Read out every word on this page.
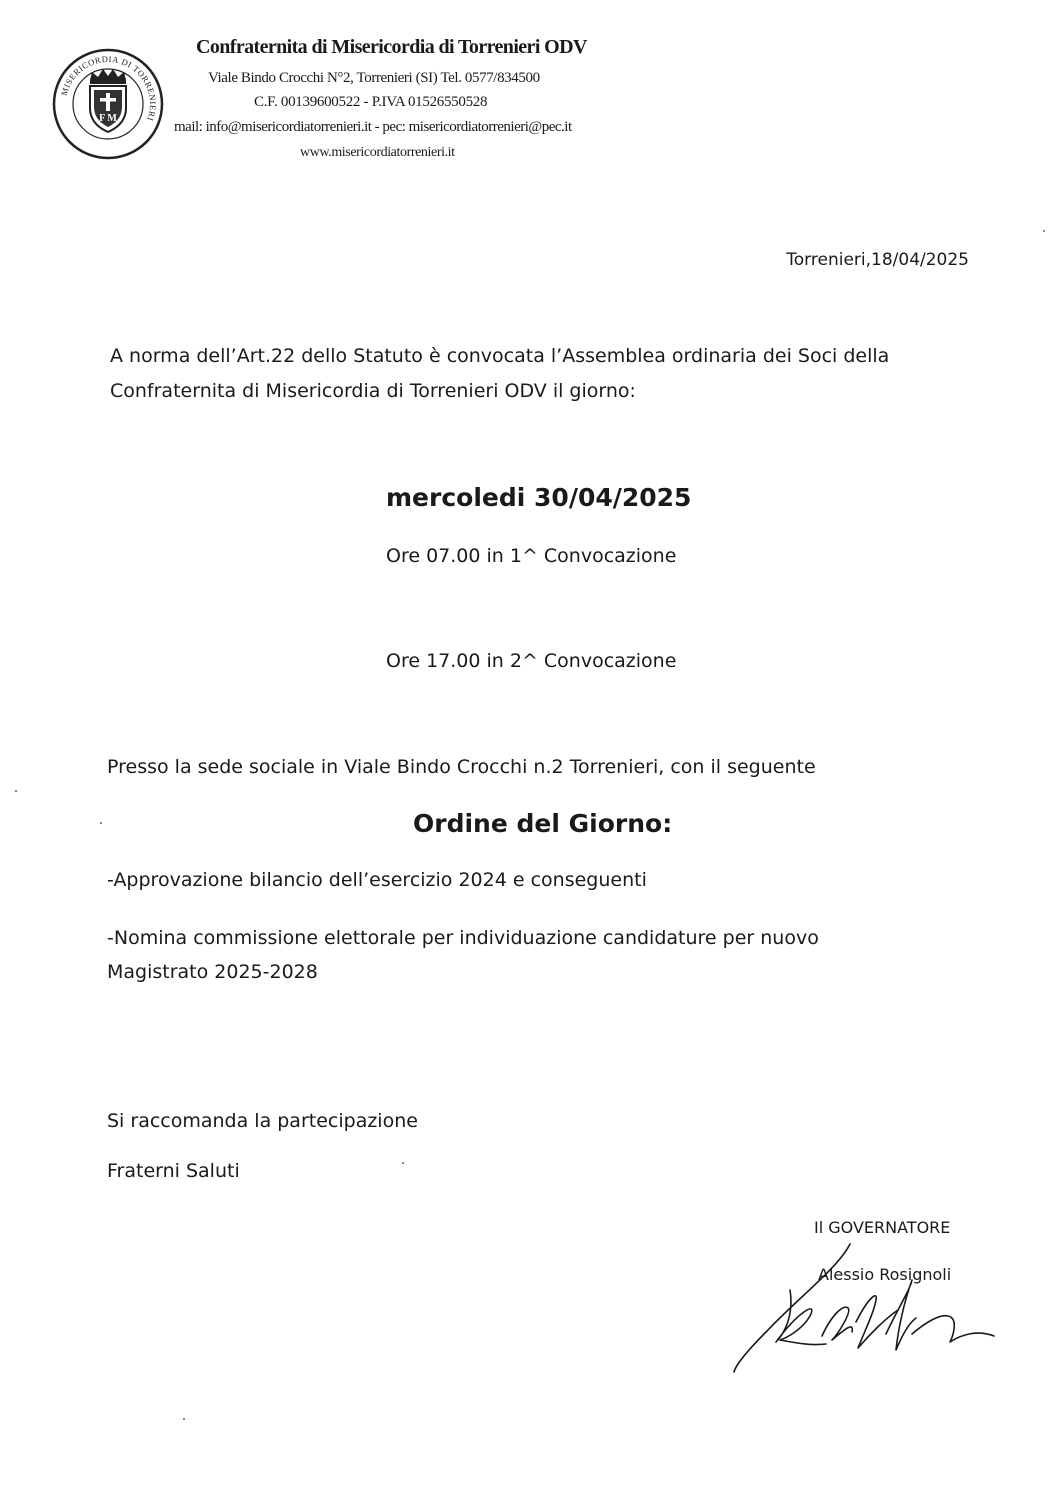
MISERICORDIA DI TORRENIERI
F M
Confraternita di Misericordia di Torrenieri ODV
Viale Bindo Crocchi N°2, Torrenieri (SI) Tel. 0577/834500
C.F. 00139600522 - P.IVA 01526550528
mail: info@misericordiatorrenieri.it - pec: misericordiatorrenieri@pec.it
www.misericordiatorrenieri.it
Torrenieri,18/04/2025
A norma dell’Art.22 dello Statuto è convocata l’Assemblea ordinaria dei Soci della Confraternita di Misericordia di Torrenieri ODV il giorno:
mercoledi 30/04/2025
Ore 07.00 in 1^ Convocazione
Ore 17.00 in 2^ Convocazione
Presso la sede sociale in Viale Bindo Crocchi n.2 Torrenieri, con il seguente
Ordine del Giorno:
-Approvazione bilancio dell’esercizio 2024 e conseguenti
-Nomina commissione elettorale per individuazione candidature per nuovo Magistrato 2025-2028
Si raccomanda la partecipazione
Fraterni Saluti
Il GOVERNATORE
Alessio Rosignoli
